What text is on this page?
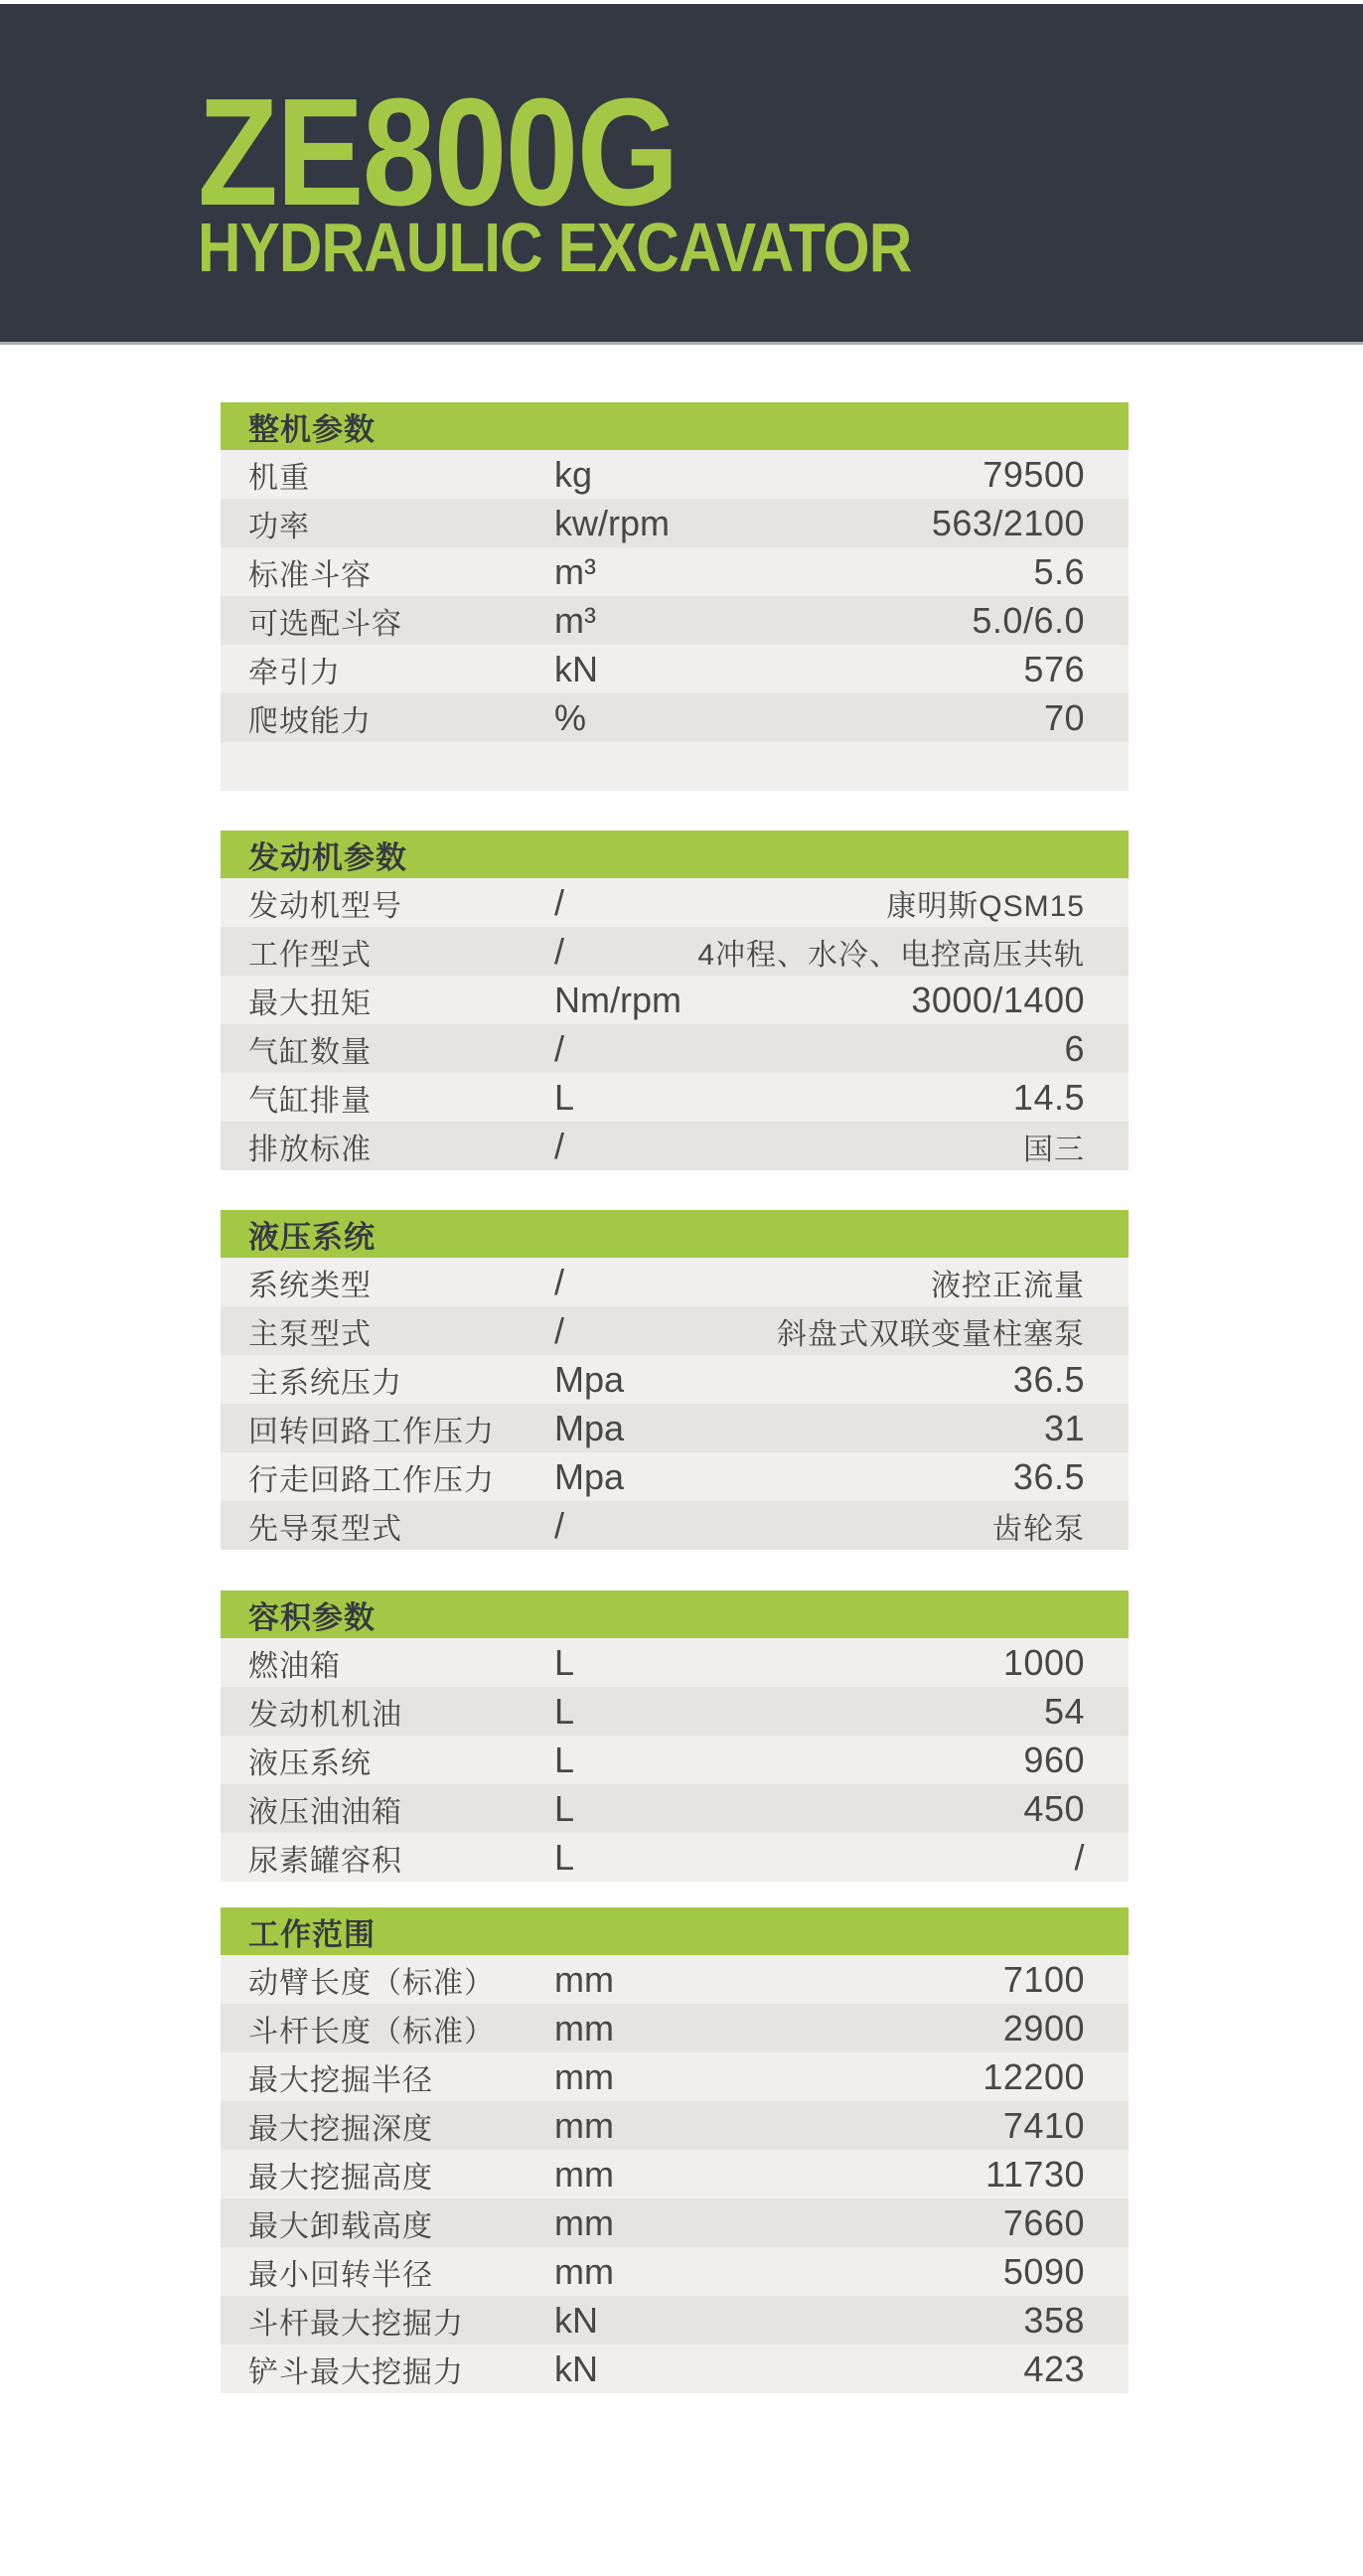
ZE800G
HYDRAULIC EXCAVATOR
整机参数
机重	kg	79500
功率	kw/rpm	563/2100
标准斗容	m³	5.6
可选配斗容	m³	5.0/6.0
牵引力	kN	576
爬坡能力	%	70
发动机参数
发动机型号	/	康明斯QSM15
工作型式	/	4冲程、水冷、电控高压共轨
最大扭矩	Nm/rpm	3000/1400
气缸数量	/	6
气缸排量	L	14.5
排放标准	/	国三
液压系统
系统类型	/	液控正流量
主泵型式	/	斜盘式双联变量柱塞泵
主系统压力	Mpa	36.5
回转回路工作压力	Mpa	31
行走回路工作压力	Mpa	36.5
先导泵型式	/	齿轮泵
容积参数
燃油箱	L	1000
发动机机油	L	54
液压系统	L	960
液压油油箱	L	450
尿素罐容积	L	/
工作范围
动臂长度（标准）	mm	7100
斗杆长度（标准）	mm	2900
最大挖掘半径	mm	12200
最大挖掘深度	mm	7410
最大挖掘高度	mm	11730
最大卸载高度	mm	7660
最小回转半径	mm	5090
斗杆最大挖掘力	kN	358
铲斗最大挖掘力	kN	423
